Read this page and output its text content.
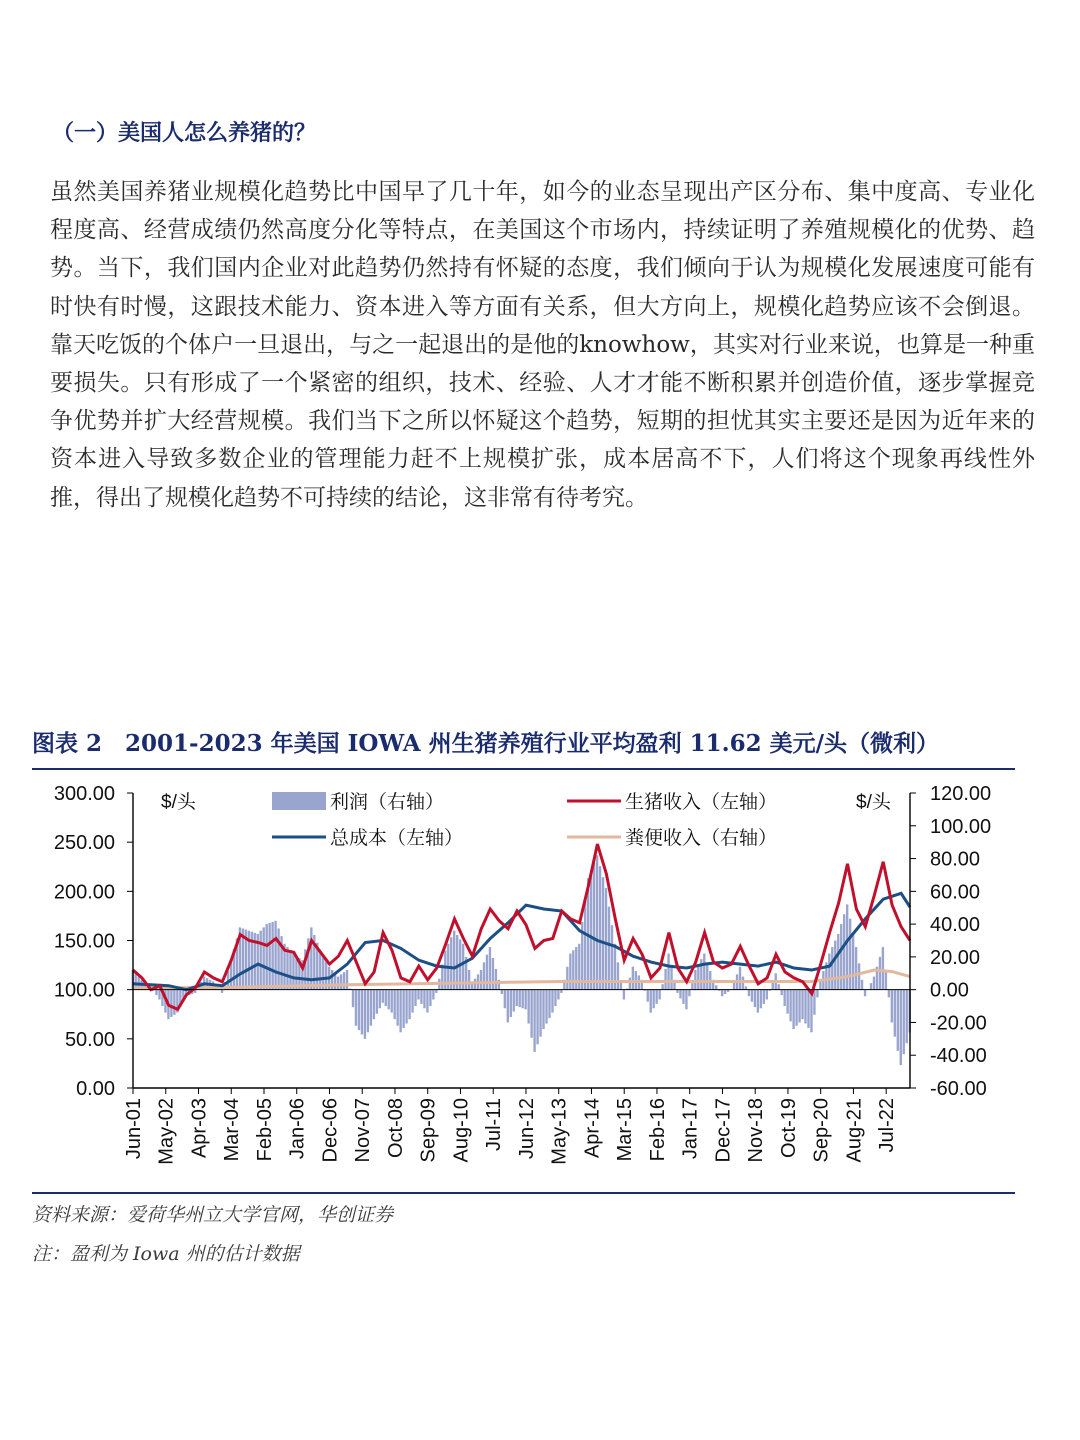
（一）美国人怎么养猪的？
虽然美国养猪业规模化趋势比中国早了几十年，如今的业态呈现出产区分布、集中度高、专业化程度高、经营成绩仍然高度分化等特点，在美国这个市场内，持续证明了养殖规模化的优势、趋势。当下，我们国内企业对此趋势仍然持有怀疑的态度，我们倾向于认为规模化发展速度可能有时快有时慢，这跟技术能力、资本进入等方面有关系，但大方向上，规模化趋势应该不会倒退。靠天吃饭的个体户一旦退出，与之一起退出的是他的knowhow，其实对行业来说，也算是一种重要损失。只有形成了一个紧密的组织，技术、经验、人才才能不断积累并创造价值，逐步掌握竞争优势并扩大经营规模。我们当下之所以怀疑这个趋势，短期的担忧其实主要还是因为近年来的资本进入导致多数企业的管理能力赶不上规模扩张，成本居高不下，人们将这个现象再线性外推，得出了规模化趋势不可持续的结论，这非常有待考究。
图表 2　2001-2023 年美国 IOWA 州生猪养殖行业平均盈利 11.62 美元/头（微利）
300.00
250.00
200.00
150.00
100.00
50.00
0.00
120.00
100.00
80.00
60.00
40.00
20.00
0.00
-20.00
-40.00
-60.00
Jun-01 May-02 Apr-03 Mar-04 Feb-05 Jan-06 Dec-06 Nov-07 Oct-08 Sep-09 Aug-10 Jul-11 Jun-12 May-13 Apr-14 Mar-15 Feb-16 Jan-17 Dec-17 Nov-18 Oct-19 Sep-20 Aug-21 Jul-22
$/头	$/头
利润（右轴）	生猪收入（左轴）
总成本（左轴）	粪便收入（右轴）
资料来源：爱荷华州立大学官网，华创证券
注：盈利为 Iowa 州的估计数据
